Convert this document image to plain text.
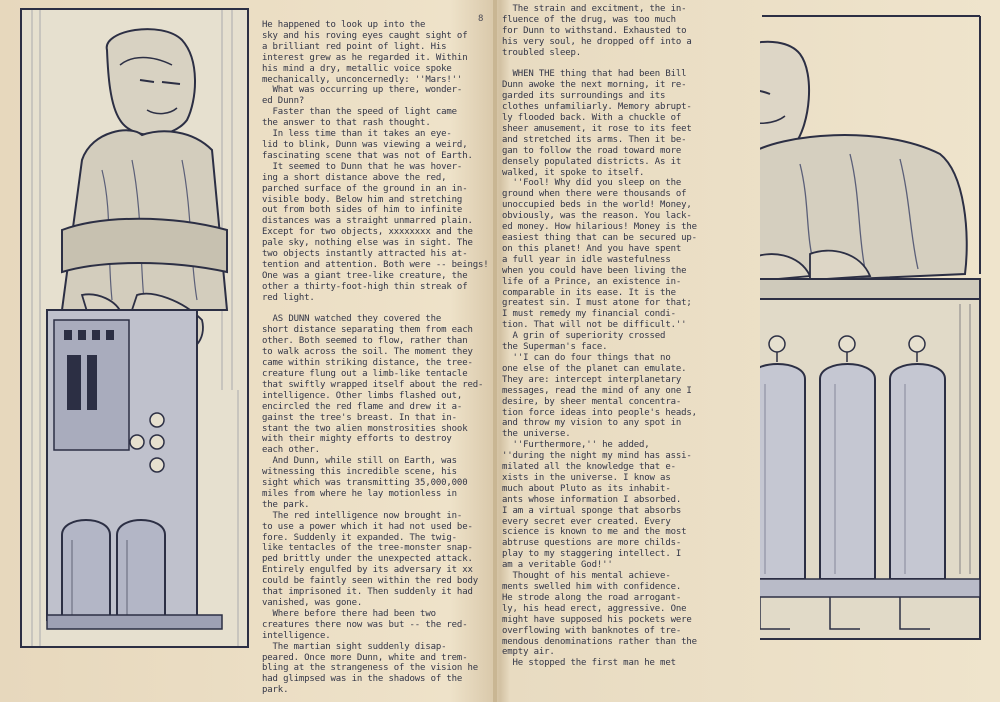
8
He happened to look up into the
sky and his roving eyes caught sight of
a brilliant red point of light. His
interest grew as he regarded it. Within
his mind a dry, metallic voice spoke
mechanically, unconcernedly: ''Mars!''
What was occurring up there, wonder-
ed Dunn?
Faster than the speed of light came
the answer to that rash thought.
In less time than it takes an eye-
lid to blink, Dunn was viewing a weird,
fascinating scene that was not of Earth.
It seemed to Dunn that he was hover-
ing a short distance above the red,
parched surface of the ground in an in-
visible body. Below him and stretching
out from both sides of him to infinite
distances was a straight unmarred plain.
Except for two objects, xxxxxxxx and the
pale sky, nothing else was in sight. The
two objects instantly attracted his at-
tention and attention. Both were -- beings!
One was a giant tree-like creature, the
other a thirty-foot-high thin streak of
red light.
AS DUNN watched they covered the
short distance separating them from each
other. Both seemed to flow, rather than
to walk across the soil. The moment they
came within striking distance, the tree-
creature flung out a limb-like tentacle
that swiftly wrapped itself about the red-
intelligence. Other limbs flashed out,
encircled the red flame and drew it a-
gainst the tree's breast. In that in-
stant the two alien monstrosities shook
with their mighty efforts to destroy
each other.
And Dunn, while still on Earth, was
witnessing this incredible scene, his
sight which was transmitting 35,000,000
miles from where he lay motionless in
the park.
The red intelligence now brought in-
to use a power which it had not used be-
fore. Suddenly it expanded. The twig-
like tentacles of the tree-monster snap-
ped brittly under the unexpected attack.
Entirely engulfed by its adversary it xx
could be faintly seen within the red body
that imprisoned it. Then suddenly it had
vanished, was gone.
Where before there had been two
creatures there now was but -- the red-
intelligence.
The martian sight suddenly disap-
peared. Once more Dunn, white and trem-
bling at the strangeness of the vision he
had glimpsed was in the shadows of the
park.
The strain and excitment, the in-
fluence of the drug, was too much
for Dunn to withstand. Exhausted to
his very soul, he dropped off into a
troubled sleep.
WHEN THE thing that had been Bill
Dunn awoke the next morning, it re-
garded its surroundings and its
clothes unfamiliarly. Memory abrupt-
ly flooded back. With a chuckle of
sheer amusement, it rose to its feet
and stretched its arms. Then it be-
gan to follow the road toward more
densely populated districts. As it
walked, it spoke to itself.
''Fool! Why did you sleep on the
ground when there were thousands of
unoccupied beds in the world! Money,
obviously, was the reason. You lack-
ed money. How hilarious! Money is the
easiest thing that can be secured up-
on this planet! And you have spent
a full year in idle wastefulness
when you could have been living the
life of a Prince, an existence in-
comparable in its ease. It is the
greatest sin. I must atone for that;
I must remedy my financial condi-
tion. That will not be difficult.''
A grin of superiority crossed
the Superman's face.
''I can do four things that no
one else of the planet can emulate.
They are: intercept interplanetary
messages, read the mind of any one I
desire, by sheer mental concentra-
tion force ideas into people's heads,
and throw my vision to any spot in
the universe.
''Furthermore,'' he added,
''during the night my mind has assi-
milated all the knowledge that e-
xists in the universe. I know as
much about Pluto as its inhabit-
ants whose information I absorbed.
I am a virtual sponge that absorbs
every secret ever created. Every
science is known to me and the most
abtruse questions are more childs-
play to my staggering intellect. I
am a veritable God!''
Thought of his mental achieve-
ments swelled him with confidence.
He strode along the road arrogant-
ly, his head erect, aggressive. One
might have supposed his pockets were
overflowing with banknotes of tre-
mendous denominations rather than the
empty air.
He stopped the first man he met
